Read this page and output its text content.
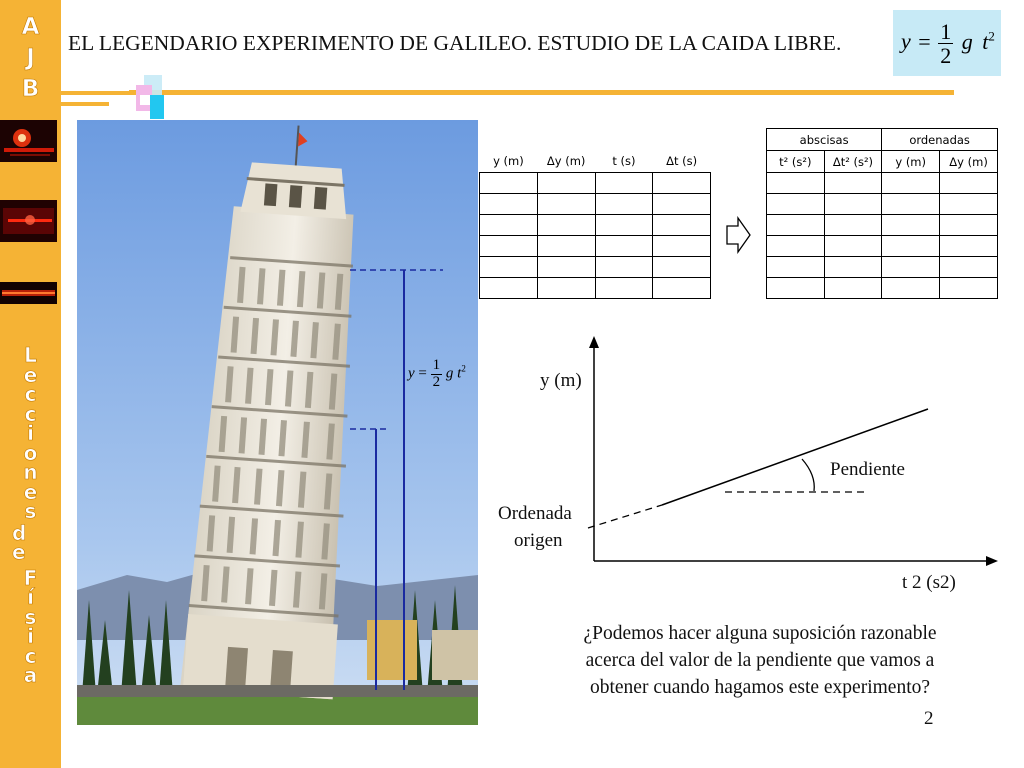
A
J
B
L
e
c
c
i
o
n
e
s
d
e
F
í
s
i
c
a
EL LEGENDARIO EXPERIMENTO DE GALILEO. ESTUDIO DE LA CAIDA LIBRE.	$y = \frac{1}{2}$ g $t^2$
$y = \frac{1}{2}$ g $t^2$
y (m)	Δy (m)	t (s)	Δt (s)

abscisas		ordenadas	
t² (s²)	Δt² (s²)	y (m)	Δy (m)

y (m)
Pendiente
Ordenada
origen
t 2 (s2)
¿Podemos hacer alguna suposición razonable
acerca del valor de la pendiente que vamos a
obtener cuando hagamos este experimento?
2
